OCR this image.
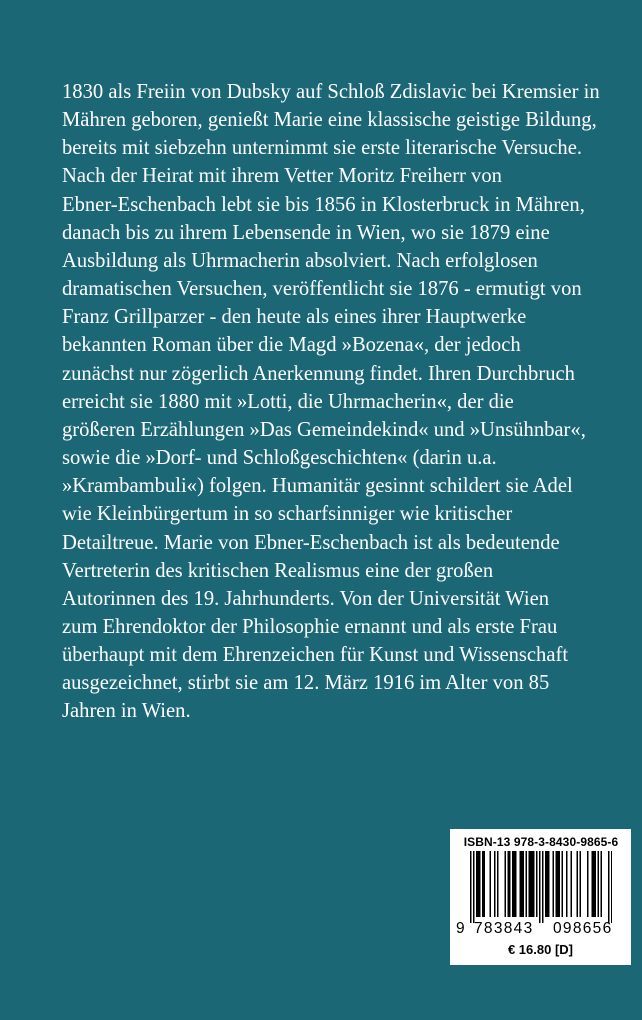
1830 als Freiin von Dubsky auf Schloß Zdislavic bei Kremsier in
Mähren geboren, genießt Marie eine klassische geistige Bildung,
bereits mit siebzehn unternimmt sie erste literarische Versuche.
Nach der Heirat mit ihrem Vetter Moritz Freiherr von
Ebner-Eschenbach lebt sie bis 1856 in Klosterbruck in Mähren,
danach bis zu ihrem Lebensende in Wien, wo sie 1879 eine
Ausbildung als Uhrmacherin absolviert. Nach erfolglosen
dramatischen Versuchen, veröffentlicht sie 1876 - ermutigt von
Franz Grillparzer - den heute als eines ihrer Hauptwerke
bekannten Roman über die Magd »Bozena«, der jedoch
zunächst nur zögerlich Anerkennung findet. Ihren Durchbruch
erreicht sie 1880 mit »Lotti, die Uhrmacherin«, der die
größeren Erzählungen »Das Gemeindekind« und »Unsühnbar«,
sowie die »Dorf- und Schloßgeschichten« (darin u.a.
»Krambambuli«) folgen. Humanitär gesinnt schildert sie Adel
wie Kleinbürgertum in so scharfsinniger wie kritischer
Detailtreue. Marie von Ebner-Eschenbach ist als bedeutende
Vertreterin des kritischen Realismus eine der großen
Autorinnen des 19. Jahrhunderts. Von der Universität Wien
zum Ehrendoktor der Philosophie ernannt und als erste Frau
überhaupt mit dem Ehrenzeichen für Kunst und Wissenschaft
ausgezeichnet, stirbt sie am 12. März 1916 im Alter von 85
Jahren in Wien.
ISBN-13 978-3-8430-9865-6
9 783843 098656
€ 16.80 [D]
